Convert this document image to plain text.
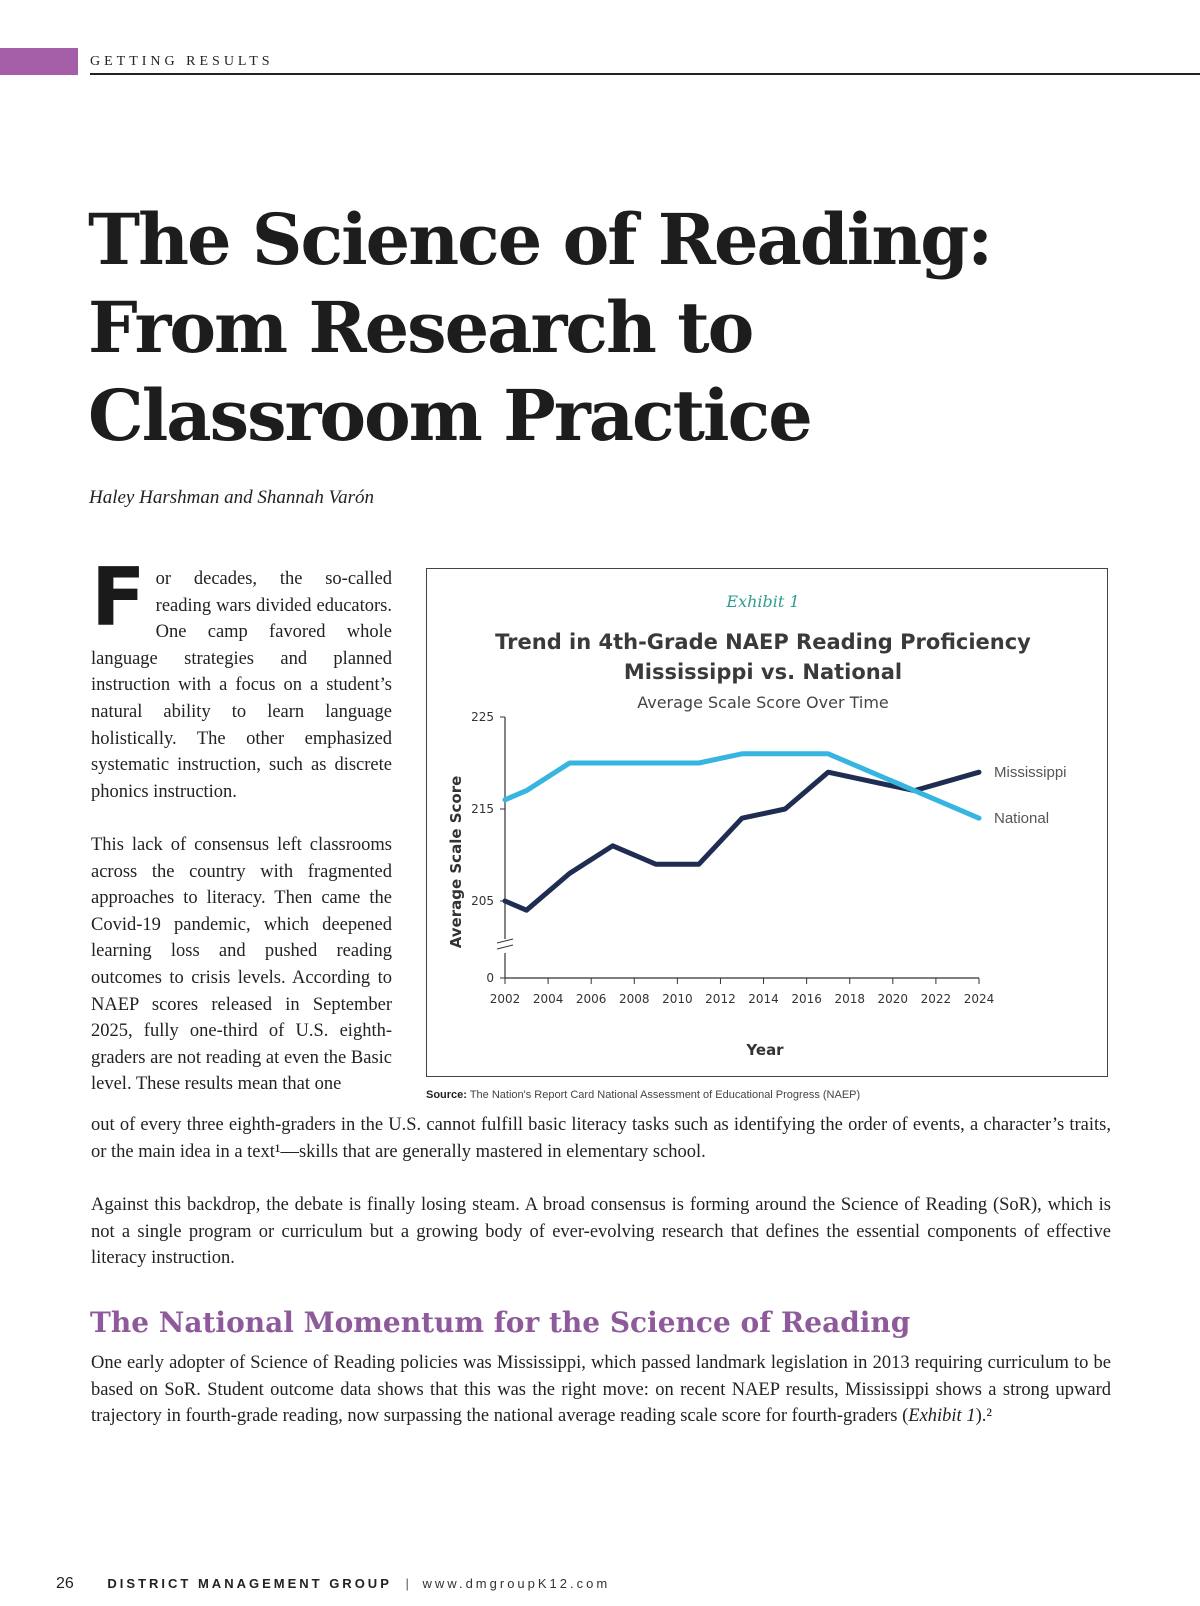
GETTING RESULTS
The Science of Reading: From Research to Classroom Practice
Haley Harshman and Shannah Varón

For decades, the so-called reading wars divided educators. One camp favored whole language strategies and planned instruction with a focus on a student’s natural ability to learn language holistically. The other emphasized systematic instruction, such as discrete phonics instruction.

This lack of consensus left classrooms across the country with fragmented approaches to literacy. Then came the Covid-19 pandemic, which deepened learning loss and pushed reading outcomes to crisis levels. According to NAEP scores released in September 2025, fully one-third of U.S. eighth-graders are not reading at even the Basic level. These results mean that one

out of every three eighth-graders in the U.S. cannot fulfill basic literacy tasks such as identifying the order of events, a character’s traits, or the main idea in a text¹—skills that are generally mastered in elementary school.

Against this backdrop, the debate is finally losing steam. A broad consensus is forming around the Science of Reading (SoR), which is not a single program or curriculum but a growing body of ever-evolving research that defines the essential components of effective literacy instruction.

The National Momentum for the Science of Reading

One early adopter of Science of Reading policies was Mississippi, which passed landmark legislation in 2013 requiring curriculum to be based on SoR. Student outcome data shows that this was the right move: on recent NAEP results, Mississippi shows a strong upward trajectory in fourth-grade reading, now surpassing the national average reading scale score for fourth-graders (Exhibit 1).²

Exhibit 1
Trend in 4th-Grade NAEP Reading Proficiency
Mississippi vs. National
Average Scale Score Over Time
Average Scale Score
Year
0
205
215
225
2002 2004 2006 2008 2010 2012 2014 2016 2018 2020 2022 2024
Mississippi
National
Source: The Nation's Report Card National Assessment of Educational Progress (NAEP)
26	DISTRICT MANAGEMENT GROUP | www.dmgroupK12.com
